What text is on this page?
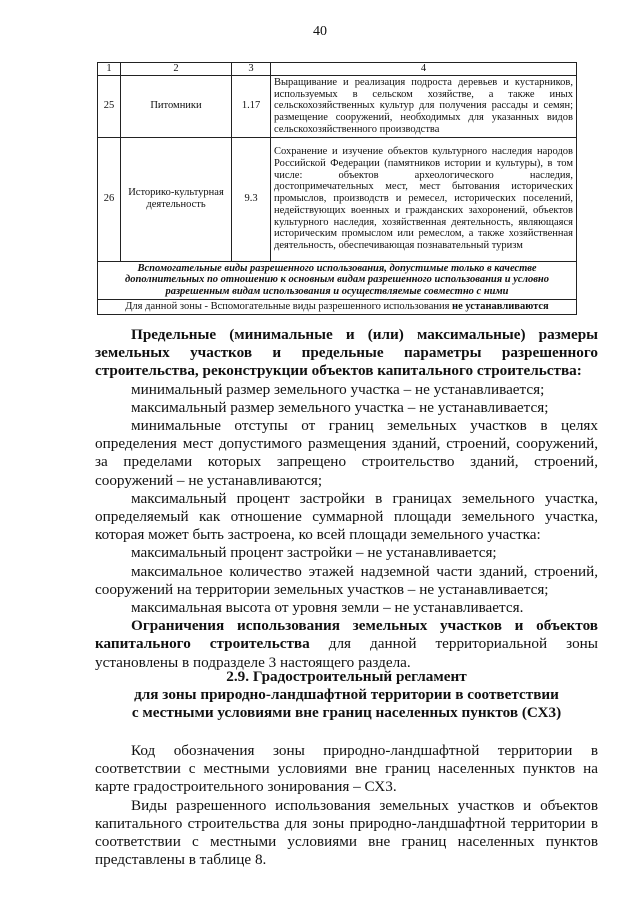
40
1	2	3	4
25	Питомники	1.17	Выращивание и реализация подроста деревьев и кустарников, используемых в сельском хозяйстве, а также иных сельскохозяйственных культур для получения рассады и семян; размещение сооружений, необходимых для указанных видов сельскохозяйственного производства
26	Историко-культурная деятельность	9.3	Сохранение и изучение объектов культурного наследия народов Российской Федерации (памятников истории и культуры), в том числе: объектов археологического наследия, достопримечательных мест, мест бытования исторических промыслов, производств и ремесел, исторических поселений, недействующих военных и гражданских захоронений, объектов культурного наследия, хозяйственная деятельность, являющаяся историческим промыслом или ремеслом, а также хозяйственная деятельность, обеспечивающая познавательный туризм
Вспомогательные виды разрешенного использования, допустимые только в качестве дополнительных по отношению к основным видам разрешенного использования и условно разрешенным видам использования и осуществляемые совместно с ними			
Для данной зоны - Вспомогательные виды разрешенного использования не устанавливаются			

Предельные (минимальные и (или) максимальные) размеры земельных участков и предельные параметры разрешенного строительства, реконструкции объектов капитального строительства:

минимальный размер земельного участка – не устанавливается;

максимальный размер земельного участка – не устанавливается;

минимальные отступы от границ земельных участков в целях определения мест допустимого размещения зданий, строений, сооружений, за пределами которых запрещено строительство зданий, строений, сооружений – не устанавливаются;

максимальный процент застройки в границах земельного участка, определяемый как отношение суммарной площади земельного участка, которая может быть застроена, ко всей площади земельного участка:

максимальный процент застройки – не устанавливается;

максимальное количество этажей надземной части зданий, строений, сооружений на территории земельных участков – не устанавливается;

максимальная высота от уровня земли – не устанавливается.

Ограничения использования земельных участков и объектов капитального строительства для данной территориальной зоны установлены в подразделе 3 настоящего раздела.

2.9. Градостроительный регламент
для зоны природно-ландшафтной территории в соответствии
с местными условиями вне границ населенных пунктов (СХ3)

Код обозначения зоны природно-ландшафтной территории в соответствии с местными условиями вне границ населенных пунктов на карте градостроительного зонирования – СХ3.

Виды разрешенного использования земельных участков и объектов капитального строительства для зоны природно-ландшафтной территории в соответствии с местными условиями вне границ населенных пунктов представлены в таблице 8.
